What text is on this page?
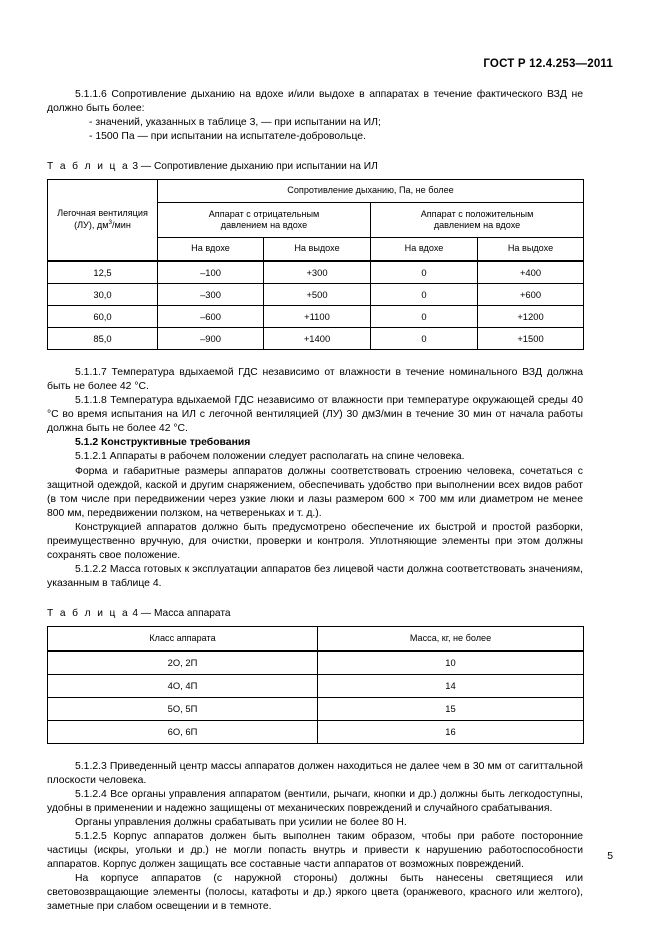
ГОСТ Р 12.4.253—2011

5.1.1.6 Сопротивление дыханию на вдохе и/или выдохе в аппаратах в течение фактического ВЗД не должно быть более:

- значений, указанных в таблице 3, — при испытании на ИЛ;

- 1500 Па — при испытании на испытателе-добровольце.

Т а б л и ц а 3 — Сопротивление дыханию при испытании на ИЛ

Легочная вентиляция
(ЛУ), $дм^3$/мин	Сопротивление дыханию, Па, не более			
	Аппарат с отрицательным
давлением на вдохе		Аппарат с положительным
давлением на вдохе	
	На вдохе	На выдохе	На вдохе	На выдохе
12,5	–100	+300	0	+400
30,0	–300	+500	0	+600
60,0	–600	+1100	0	+1200
85,0	–900	+1400	0	+1500

5.1.1.7 Температура вдыхаемой ГДС независимо от влажности в течение номинального ВЗД должна быть не более 42 °С.

5.1.1.8 Температура вдыхаемой ГДС независимо от влажности при температуре окружающей среды 40 °С во время испытания на ИЛ с легочной вентиляцией (ЛУ) 30 дм3/мин в течение 30 мин от начала работы должна быть не более 42 °С.

5.1.2 Конструктивные требования

5.1.2.1 Аппараты в рабочем положении следует располагать на спине человека.

Форма и габаритные размеры аппаратов должны соответствовать строению человека, сочетаться с защитной одеждой, каской и другим снаряжением, обеспечивать удобство при выполнении всех видов работ (в том числе при передвижении через узкие люки и лазы размером 600 × 700 мм или диаметром не менее 800 мм, передвижении ползком, на четвереньках и т. д.).

Конструкцией аппаратов должно быть предусмотрено обеспечение их быстрой и простой разборки, преимущественно вручную, для очистки, проверки и контроля. Уплотняющие элементы при этом должны сохранять свое положение.

5.1.2.2 Масса готовых к эксплуатации аппаратов без лицевой части должна соответствовать значениям, указанным в таблице 4.

Т а б л и ц а 4 — Масса аппарата

Класс аппарата	Масса, кг, не более
2О, 2П	10
4О, 4П	14
5О, 5П	15
6О, 6П	16

5.1.2.3 Приведенный центр массы аппаратов должен находиться не далее чем в 30 мм от сагиттальной плоскости человека.

5.1.2.4 Все органы управления аппаратом (вентили, рычаги, кнопки и др.) должны быть легкодоступны, удобны в применении и надежно защищены от механических повреждений и случайного срабатывания.

Органы управления должны срабатывать при усилии не более 80 Н.

5.1.2.5 Корпус аппаратов должен быть выполнен таким образом, чтобы при работе посторонние частицы (искры, угольки и др.) не могли попасть внутрь и привести к нарушению работоспособности аппаратов. Корпус должен защищать все составные части аппаратов от возможных повреждений.

На корпусе аппаратов (с наружной стороны) должны быть нанесены светящиеся или световозвращающие элементы (полосы, катафоты и др.) яркого цвета (оранжевого, красного или желтого), заметные при слабом освещении и в темноте.

5
